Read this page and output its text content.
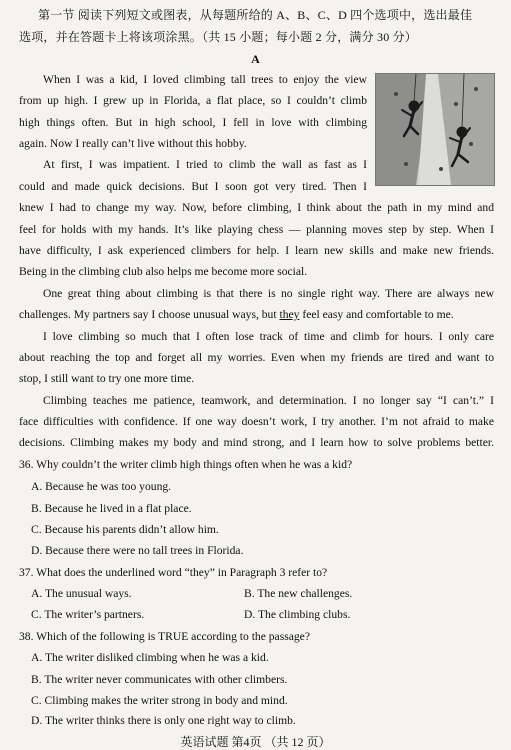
第一节 阅读下列短文或图表，从每题所给的 A、B、C、D 四个选项中，选出最佳
选项，并在答题卡上将该项涂黑。（共 15 小题；每小题 2 分，满分 30 分）
A
When I was a kid, I loved climbing tall trees to enjoy the view
from up high. I grew up in Florida, a flat place, so I couldn’t climb
high things often. But in high school, I fell in love with climbing
again. Now I really can’t live without this hobby.
At first, I was impatient. I tried to climb the wall as fast as I
could and made quick decisions. But I soon got very tired. Then I
knew I had to change my way. Now, before climbing, I think about the path in my mind and
feel for holds with my hands. It’s like playing chess — planning moves step by step. When I
have difficulty, I ask experienced climbers for help. I learn new skills and make new friends.
Being in the climbing club also helps me become more social.
One great thing about climbing is that there is no single right way. There are always new
challenges. My partners say I choose unusual ways, but they feel easy and comfortable to me.
I love climbing so much that I often lose track of time and climb for hours. I only care
about reaching the top and forget all my worries. Even when my friends are tired and want to
stop, I still want to try one more time.
Climbing teaches me patience, teamwork, and determination. I no longer say “I can’t.” I
face difficulties with confidence. If one way doesn’t work, I try another. I’m not afraid to make
decisions. Climbing makes my body and mind strong, and I learn how to solve problems better.
36. Why couldn’t the writer climb high things often when he was a kid?
A. Because he was too young.
B. Because he lived in a flat place.
C. Because his parents didn’t allow him.
D. Because there were no tall trees in Florida.
37. What does the underlined word “they” in Paragraph 3 refer to?
A. The unusual ways.	B. The new challenges.
C. The writer’s partners.	D. The climbing clubs.
38. Which of the following is TRUE according to the passage?
A. The writer disliked climbing when he was a kid.
B. The writer never communicates with other climbers.
C. Climbing makes the writer strong in body and mind.
D. The writer thinks there is only one right way to climb.
英语试题 第4页 （共 12 页）
